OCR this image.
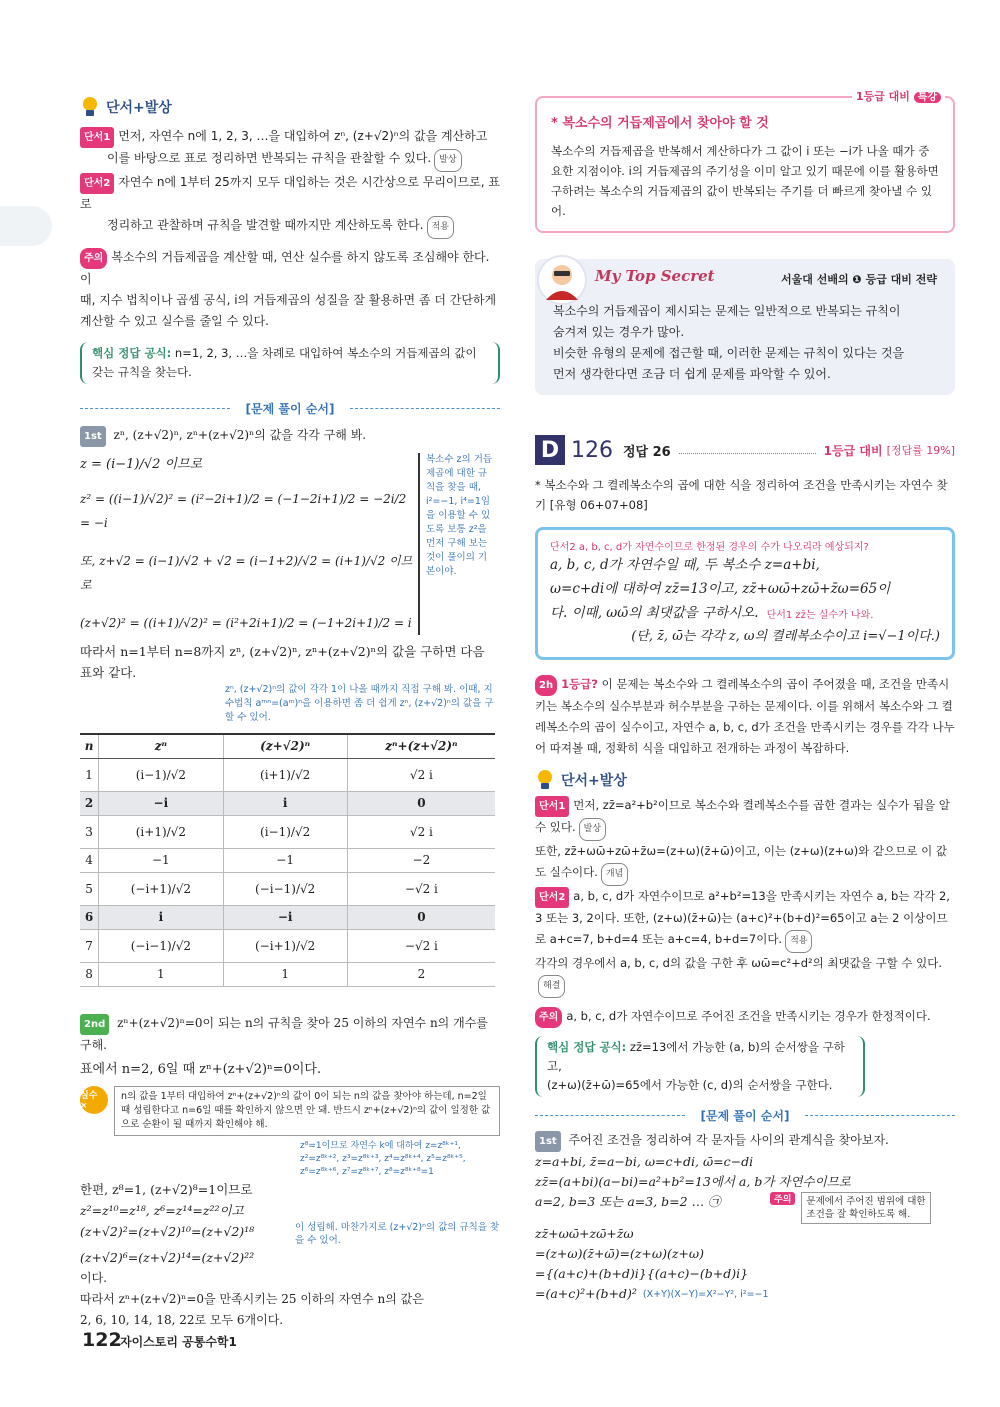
단서+발상
단서1 먼저, 자연수 n에 1, 2, 3, …을 대입하여 zⁿ, (z+√2)ⁿ의 값을 계산하고
이를 바탕으로 표로 정리하면 반복되는 규칙을 관찰할 수 있다. 발상
단서2 자연수 n에 1부터 25까지 모두 대입하는 것은 시간상으로 무리이므로, 표로
정리하고 관찰하며 규칙을 발견할 때까지만 계산하도록 한다. 적용
주의 복소수의 거듭제곱을 계산할 때, 연산 실수를 하지 않도록 조심해야 한다. 이
때, 지수 법칙이나 곱셈 공식, i의 거듭제곱의 성질을 잘 활용하면 좀 더 간단하게
계산할 수 있고 실수를 줄일 수 있다.
핵심 정답 공식: n=1, 2, 3, …을 차례로 대입하여 복소수의 거듭제곱의 값이
갖는 규칙을 찾는다.
[문제 풀이 순서]
1st zⁿ, (z+√2)ⁿ, zⁿ+(z+√2)ⁿ의 값을 각각 구해 봐.
z = (i−1)/√2 이므로
z² = ((i−1)/√2)² = (i²−2i+1)/2 = (−1−2i+1)/2 = −2i/2 = −i
또, z+√2 = (i−1)/√2 + √2 = (i−1+2)/√2 = (i+1)/√2 이므로
(z+√2)² = ((i+1)/√2)² = (i²+2i+1)/2 = (−1+2i+1)/2 = i
복소수 z의 거듭제곱에 대한 규칙을 찾을 때, i²=−1, i⁴=1임을 이용할 수 있도록 보통 z²을 먼저 구해 보는 것이 풀이의 기본이야.
따라서 n=1부터 n=8까지 zⁿ, (z+√2)ⁿ, zⁿ+(z+√2)ⁿ의 값을 구하면 다음 표와 같다.
zⁿ, (z+√2)ⁿ의 값이 각각 1이 나올 때까지 직접 구해 봐. 이때, 지수법칙 aᵐⁿ=(aᵐ)ⁿ을 이용하면 좀 더 쉽게 zⁿ, (z+√2)ⁿ의 값을 구할 수 있어.
n	zⁿ	(z+√2)ⁿ	zⁿ+(z+√2)ⁿ
1	(i−1)/√2	(i+1)/√2	√2 i
2	−i	i	0
3	(i+1)/√2	(i−1)/√2	√2 i
4	−1	−1	−2
5	(−i+1)/√2	(−i−1)/√2	−√2 i
6	i	−i	0
7	(−i−1)/√2	(−i+1)/√2	−√2 i
8	1	1	2
2nd zⁿ+(z+√2)ⁿ=0이 되는 n의 규칙을 찾아 25 이하의 자연수 n의 개수를 구해.
표에서 n=2, 6일 때 zⁿ+(z+√2)ⁿ=0이다.
실수 ×
n의 값을 1부터 대입하여 zⁿ+(z+√2)ⁿ의 값이 0이 되는 n의 값을 찾아야 하는데, n=2일 때 성립한다고 n=6일 때를 확인하지 않으면 안 돼. 반드시 zⁿ+(z+√2)ⁿ의 값이 일정한 값으로 순환이 될 때까지 확인해야 해.
z⁸=1이므로 자연수 k에 대하여 z=z⁸ᵏ⁺¹, z²=z⁸ᵏ⁺², z³=z⁸ᵏ⁺³, z⁴=z⁸ᵏ⁺⁴, z⁵=z⁸ᵏ⁺⁵, z⁶=z⁸ᵏ⁺⁶, z⁷=z⁸ᵏ⁺⁷, z⁸=z⁸ᵏ⁺⁸=1
한편, z⁸=1, (z+√2)⁸=1이므로
z²=z¹⁰=z¹⁸, z⁶=z¹⁴=z²²이고
(z+√2)²=(z+√2)¹⁰=(z+√2)¹⁸	이 성립해. 마찬가지로 (z+√2)ⁿ의 값의 규칙을 찾을 수 있어.
(z+√2)⁶=(z+√2)¹⁴=(z+√2)²²
이다.
따라서 zⁿ+(z+√2)ⁿ=0을 만족시키는 25 이하의 자연수 n의 값은
2, 6, 10, 14, 18, 22로 모두 6개이다.
1등급 대비 특강
* 복소수의 거듭제곱에서 찾아야 할 것
복소수의 거듭제곱을 반복해서 계산하다가 그 값이 i 또는 −i가 나올 때가 중요한 지점이야. i의 거듭제곱의 주기성을 이미 알고 있기 때문에 이를 활용하면 구하려는 복소수의 거듭제곱의 값이 반복되는 주기를 더 빠르게 찾아낼 수 있어.
My Top Secret	서울대 선배의 ❶ 등급 대비 전략
복소수의 거듭제곱이 제시되는 문제는 일반적으로 반복되는 규칙이
숨겨져 있는 경우가 많아.
비슷한 유형의 문제에 접근할 때, 이러한 문제는 규칙이 있다는 것을
먼저 생각한다면 조금 더 쉽게 문제를 파악할 수 있어.
D 126 정답 26	1등급 대비 [정답률 19%]
* 복소수와 그 켤레복소수의 곱에 대한 식을 정리하여 조건을 만족시키는 자연수 찾기 [유형 06+07+08]
단서2 a, b, c, d가 자연수이므로 한정된 경우의 수가 나오리라 예상되지?
a, b, c, d가 자연수일 때, 두 복소수 z=a+bi,
ω=c+di에 대하여 zz̄=13이고, zz̄+ωω̄+zω̄+z̄ω=65이
다. 이때, ωω̄의 최댓값을 구하시오. 단서1 zz̄는 실수가 나와.
(단, z̄, ω̄는 각각 z, ω의 켤레복소수이고 i=√−1이다.)
2h 1등급? 이 문제는 복소수와 그 켤레복소수의 곱이 주어졌을 때, 조건을 만족시키는 복소수의 실수부분과 허수부분을 구하는 문제이다. 이를 위해서 복소수와 그 켤레복소수의 곱이 실수이고, 자연수 a, b, c, d가 조건을 만족시키는 경우를 각각 나누어 따져볼 때, 정확히 식을 대입하고 전개하는 과정이 복잡하다.
단서+발상
단서1 먼저, zz̄=a²+b²이므로 복소수와 켤레복소수를 곱한 결과는 실수가 됨을 알 수 있다. 발상
또한, zz̄+ωω̄+zω̄+z̄ω=(z+ω)(z̄+ω̄)이고, 이는 (z+ω)(z+ω)와 같으므로 이 값도 실수이다. 개념
단서2 a, b, c, d가 자연수이므로 a²+b²=13을 만족시키는 자연수 a, b는 각각 2, 3 또는 3, 2이다. 또한, (z+ω)(z̄+ω̄)는 (a+c)²+(b+d)²=65이고 a는 2 이상이므로 a+c=7, b+d=4 또는 a+c=4, b+d=7이다. 적용
각각의 경우에서 a, b, c, d의 값을 구한 후 ωω̄=c²+d²의 최댓값을 구할 수 있다.해결
주의 a, b, c, d가 자연수이므로 주어진 조건을 만족시키는 경우가 한정적이다.
핵심 정답 공식: zz̄=13에서 가능한 (a, b)의 순서쌍을 구하고,
(z+ω)(z̄+ω̄)=65에서 가능한 (c, d)의 순서쌍을 구한다.
[문제 풀이 순서]
1st 주어진 조건을 정리하여 각 문자들 사이의 관계식을 찾아보자.
z=a+bi, z̄=a−bi, ω=c+di, ω̄=c−di
zz̄=(a+bi)(a−bi)=a²+b²=13에서 a, b가 자연수이므로
a=2, b=3 또는 a=3, b=2 … ㉠	주의	문제에서 주어진 범위에 대한 조건을 잘 확인하도록 해.
zz̄+ωω̄+zω̄+z̄ω
=(z+ω)(z̄+ω̄)=(z+ω)(z+ω)
={(a+c)+(b+d)i}{(a+c)−(b+d)i}
=(a+c)²+(b+d)² (X+Y)(X−Y)=X²−Y², i²=−1
122
자이스토리 공통수학1
